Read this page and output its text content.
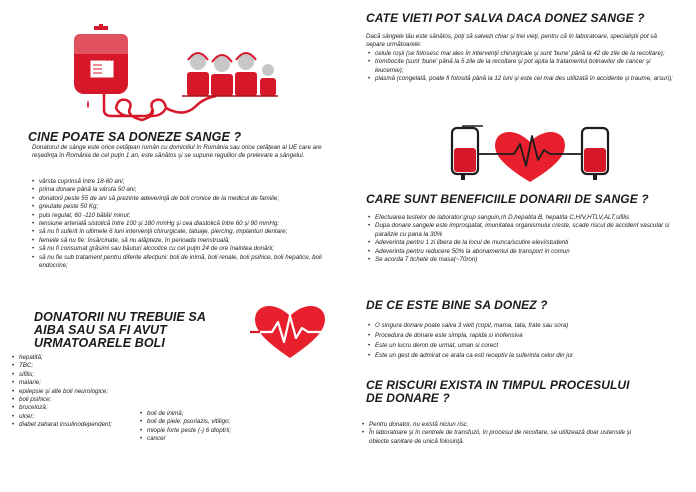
A
CINE POATE SA DONEZE SANGE ?
Donatorul de sânge este orice cetăţean român cu domiciliul în România sau orice cetăţean al UE care are reşedinţa în România de cel puţin 1 an, este sănătos şi se supune regulilor de prelevare a sângelui.
• vârsta cuprinsă între 18-60 ani;
• prima donare până la vârsta 50 ani;
• donatorii peste 55 de ani să prezinte adeverinţă de boli cronice de la medicul de familie;
• greutate peste 50 Kg;
• puls regulat, 60 -110 bătăi/ minut;
• tensiune arterială sistolică între 100 şi 180 mmHg şi cea diastolică între 60 şi 90 mmHg;
• să nu fi suferit în ultimele 6 luni intervenţii chirurgicale, tatuaje, piercing, implanturi dentare;
• femeile să nu fie: însărcinate, să nu alăpteze, în perioada menstruală;
• să nu fi consumat grăsimi sau băuturi alcoolice cu cel puţin 24 de ore înaintea donării;
• să nu fie sub tratament pentru diferite afecţiuni: boli de inimă, boli renale, boli psihice, boli hepatice, boli endocrine;
DONATORII NU TREBUIE SA
AIBA SAU SA FI AVUT
URMATOARELE BOLI
• hepatită;
• TBC;
• sifilis;
• malarie;
• epilepsie şi alte boli neurologice;
• boli psihice;
• bruceloză;
• ulcer;
• diabet zaharat insulinodependent;
• boli de inimă;
• boli de piele: psoriazis, vitiligo;
• miopie forte peste (-) 6 dioptrii;
• cancer
CATE VIETI POT SALVA DACA DONEZ SANGE ?
Dacă sângele tău este sănătos, poţi să salvezi chiar şi trei vieţi, pentru că în laboratoare, specialiştii pot să separe următoarele:
• celule roşii (se folosesc mai ales în intervenţii chirurgicale şi sunt 'bune' până la 42 de zile de la recoltare);
• trombocite (sunt 'bune' până la 5 zile de la recoltare şi pot ajuta la tratamentul bolnavilor de cancer şi leucemie);
• plasmă (congelată, poate fi folosită până la 12 luni şi este cel mai des utilizată în accidente şi traume, arsuri);
CARE SUNT BENEFICIILE DONARII DE SANGE ?
• Efectuarea testelor de laborator:grup sanguin,rh D,hepatita B, hepatita C,HIV,HTLV,ALT,sifilis
• Dupa donare sangele este improspatat, imunitatea organismului creste, scade riscul de accident vascular si paralizie cu pana la 30%
• Adeverinta pentru 1 zi libera de la locul de munca/scutire elevi/studenti
• Adeverinta pentru reducere 50% la abonamentul de transport in comun
• Se acorda 7 tichete de masa(~70ron)
DE CE ESTE BINE SA DONEZ ?
• O singura donare poate salva 3 vieti (copil, mama, tata, frate sau sora)
• Procedura de donare este simpla, rapida si inofensiva
• Este un lucru demn de urmat, uman si corect
• Este un gest de admirat ce arata ca esti receptiv la suferinta celor din jur
CE RISCURI EXISTA IN TIMPUL PROCESULUI
DE DONARE ?
• Pentru donator, nu există niciun risc.
• În laboratoare şi în centrele de transfuzii, în procesul de recoltare, se utilizează doar ustensile şi obiecte sanitare de unică folosinţă.
